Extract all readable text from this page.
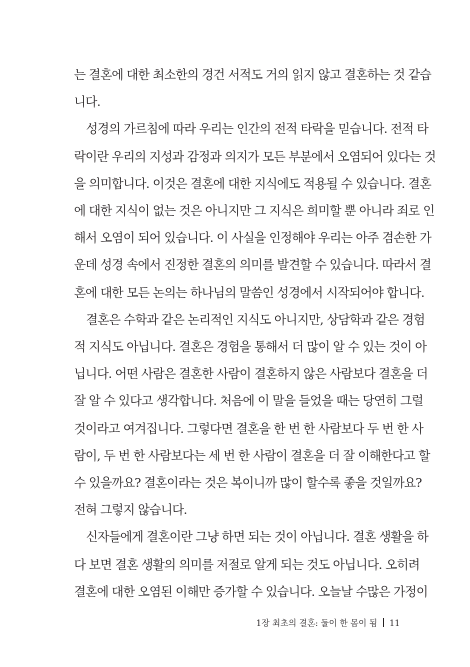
는 결혼에 대한 최소한의 경건 서적도 거의 읽지 않고 결혼하는 것 같습
니다.
성경의 가르침에 따라 우리는 인간의 전적 타락을 믿습니다. 전적 타
락이란 우리의 지성과 감정과 의지가 모든 부분에서 오염되어 있다는 것
을 의미합니다. 이것은 결혼에 대한 지식에도 적용될 수 있습니다. 결혼
에 대한 지식이 없는 것은 아니지만 그 지식은 희미할 뿐 아니라 죄로 인
해서 오염이 되어 있습니다. 이 사실을 인정해야 우리는 아주 겸손한 가
운데 성경 속에서 진정한 결혼의 의미를 발견할 수 있습니다. 따라서 결
혼에 대한 모든 논의는 하나님의 말씀인 성경에서 시작되어야 합니다.
결혼은 수학과 같은 논리적인 지식도 아니지만, 상담학과 같은 경험
적 지식도 아닙니다. 결혼은 경험을 통해서 더 많이 알 수 있는 것이 아
닙니다. 어떤 사람은 결혼한 사람이 결혼하지 않은 사람보다 결혼을 더
잘 알 수 있다고 생각합니다. 처음에 이 말을 들었을 때는 당연히 그럴
것이라고 여겨집니다. 그렇다면 결혼을 한 번 한 사람보다 두 번 한 사
람이, 두 번 한 사람보다는 세 번 한 사람이 결혼을 더 잘 이해한다고 할
수 있을까요? 결혼이라는 것은 복이니까 많이 할수록 좋을 것일까요?
전혀 그렇지 않습니다.
신자들에게 결혼이란 그냥 하면 되는 것이 아닙니다. 결혼 생활을 하
다 보면 결혼 생활의 의미를 저절로 알게 되는 것도 아닙니다. 오히려
결혼에 대한 오염된 이해만 증가할 수 있습니다. 오늘날 수많은 가정이
1장 최초의 결혼: 둘이 한 몸이 됨 11
